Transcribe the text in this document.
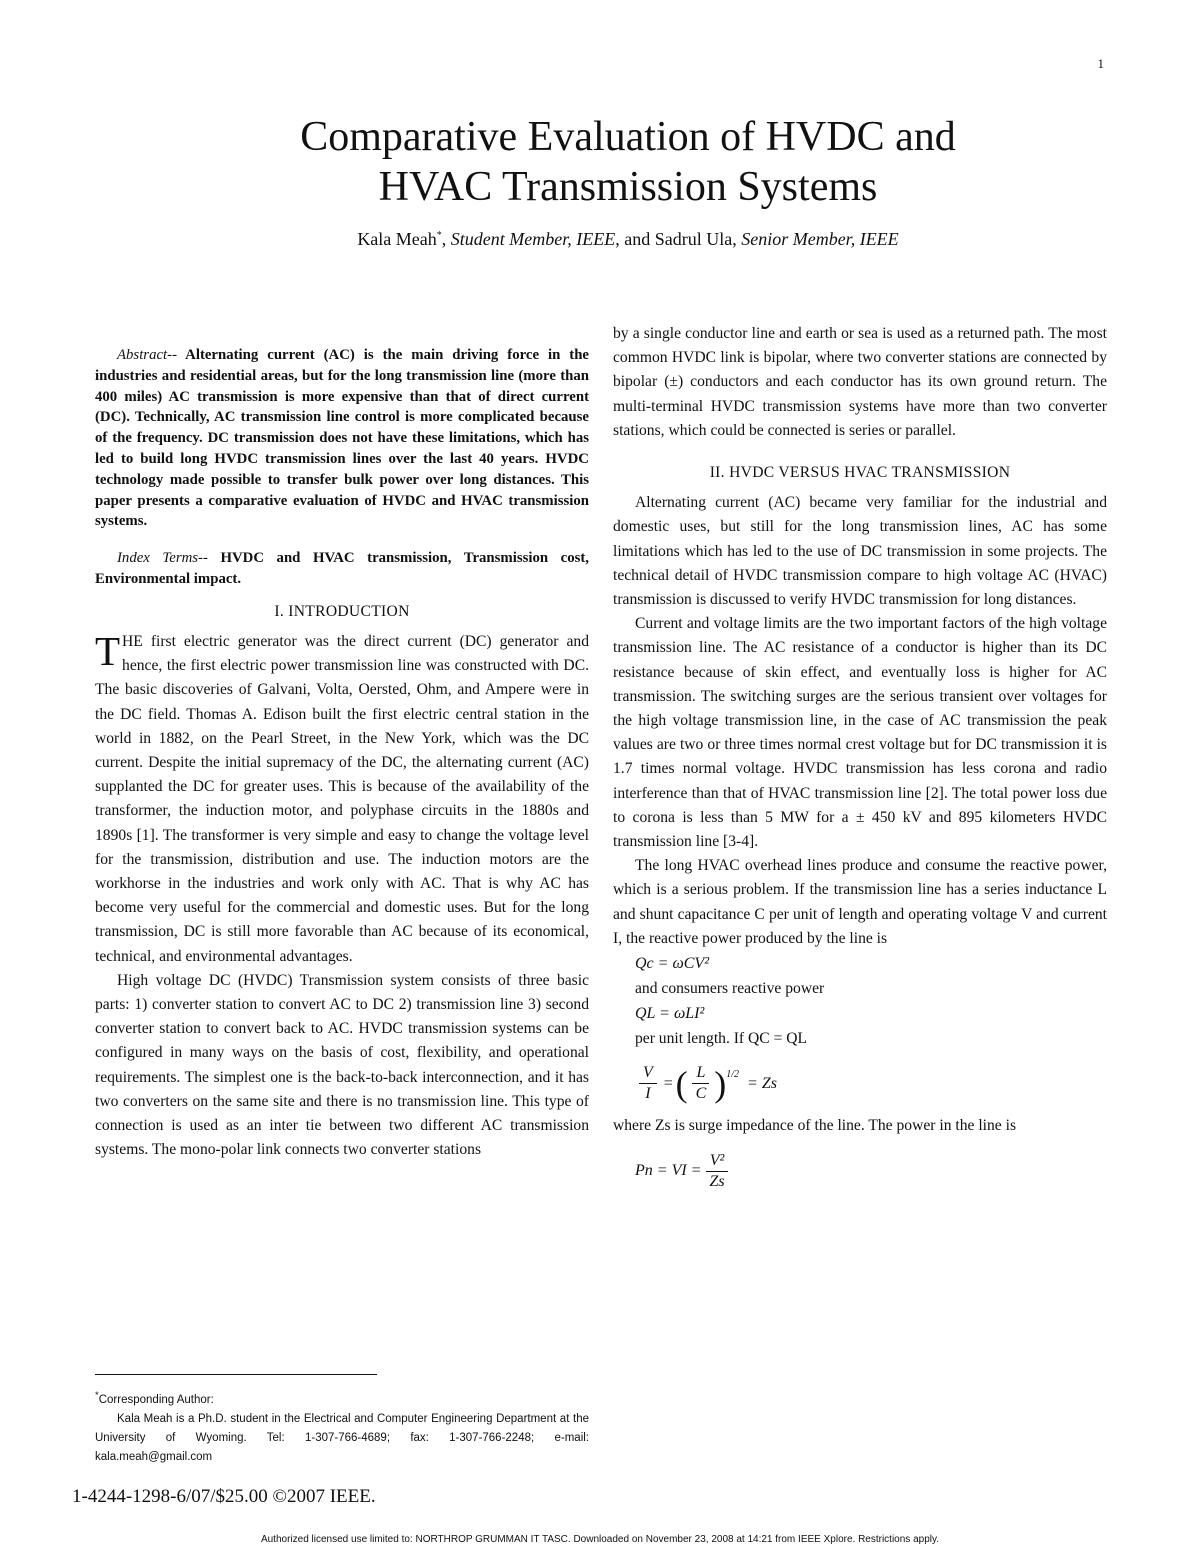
1
Comparative Evaluation of HVDC and
HVAC Transmission Systems
Kala Meah*, Student Member, IEEE, and Sadrul Ula, Senior Member, IEEE

Abstract-- Alternating current (AC) is the main driving force in the industries and residential areas, but for the long transmission line (more than 400 miles) AC transmission is more expensive than that of direct current (DC). Technically, AC transmission line control is more complicated because of the frequency. DC transmission does not have these limitations, which has led to build long HVDC transmission lines over the last 40 years. HVDC technology made possible to transfer bulk power over long distances. This paper presents a comparative evaluation of HVDC and HVAC transmission systems.

Index Terms-- HVDC and HVAC transmission, Transmission cost, Environmental impact.

I. INTRODUCTION

THE first electric generator was the direct current (DC) generator and hence, the first electric power transmission line was constructed with DC. The basic discoveries of Galvani, Volta, Oersted, Ohm, and Ampere were in the DC field. Thomas A. Edison built the first electric central station in the world in 1882, on the Pearl Street, in the New York, which was the DC current. Despite the initial supremacy of the DC, the alternating current (AC) supplanted the DC for greater uses. This is because of the availability of the transformer, the induction motor, and polyphase circuits in the 1880s and 1890s [1]. The transformer is very simple and easy to change the voltage level for the transmission, distribution and use. The induction motors are the workhorse in the industries and work only with AC. That is why AC has become very useful for the commercial and domestic uses. But for the long transmission, DC is still more favorable than AC because of its economical, technical, and environmental advantages.

High voltage DC (HVDC) Transmission system consists of three basic parts: 1) converter station to convert AC to DC 2) transmission line 3) second converter station to convert back to AC. HVDC transmission systems can be configured in many ways on the basis of cost, flexibility, and operational requirements. The simplest one is the back-to-back interconnection, and it has two converters on the same site and there is no transmission line. This type of connection is used as an inter tie between two different AC transmission systems. The mono-polar link connects two converter stations

by a single conductor line and earth or sea is used as a returned path. The most common HVDC link is bipolar, where two converter stations are connected by bipolar (±) conductors and each conductor has its own ground return. The multi-terminal HVDC transmission systems have more than two converter stations, which could be connected is series or parallel.

II. HVDC VERSUS HVAC TRANSMISSION

Alternating current (AC) became very familiar for the industrial and domestic uses, but still for the long transmission lines, AC has some limitations which has led to the use of DC transmission in some projects. The technical detail of HVDC transmission compare to high voltage AC (HVAC) transmission is discussed to verify HVDC transmission for long distances.

Current and voltage limits are the two important factors of the high voltage transmission line. The AC resistance of a conductor is higher than its DC resistance because of skin effect, and eventually loss is higher for AC transmission. The switching surges are the serious transient over voltages for the high voltage transmission line, in the case of AC transmission the peak values are two or three times normal crest voltage but for DC transmission it is 1.7 times normal voltage. HVDC transmission has less corona and radio interference than that of HVAC transmission line [2]. The total power loss due to corona is less than 5 MW for a ± 450 kV and 895 kilometers HVDC transmission line [3-4].

The long HVAC overhead lines produce and consume the reactive power, which is a serious problem. If the transmission line has a series inductance L and shunt capacitance C per unit of length and operating voltage V and current I, the reactive power produced by the line is

Qc = ωCV²

and consumers reactive power

QL = ωLI²

per unit length. If QC = QL

$\frac{V}{I}$ = ( $\frac{L}{C}$ ) 1/2 = Zs

where Zs is surge impedance of the line. The power in the line is

Pn = VI = $\frac{\text{V²}}{Zs}$

*Corresponding Author:

Kala Meah is a Ph.D. student in the Electrical and Computer Engineering Department at the University of Wyoming. Tel: 1-307-766-4689; fax: 1-307-766-2248; e-mail: kala.meah@gmail.com

1-4244-1298-6/07/$25.00 ©2007 IEEE.
Authorized licensed use limited to: NORTHROP GRUMMAN IT TASC. Downloaded on November 23, 2008 at 14:21 from IEEE Xplore. Restrictions apply.
